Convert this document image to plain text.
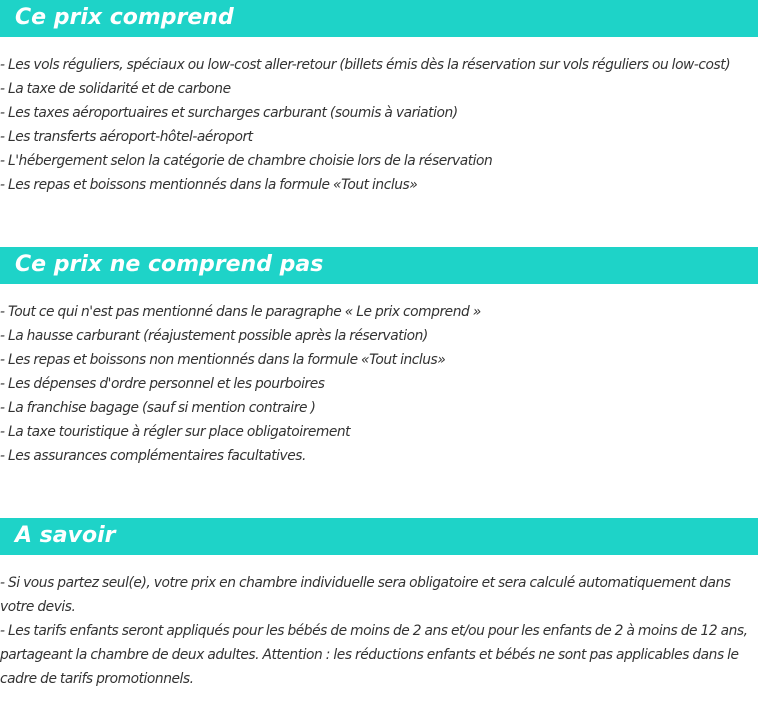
Ce prix comprend
- Les vols réguliers, spéciaux ou low-cost aller-retour (billets émis dès la réservation sur vols réguliers ou low-cost)
- La taxe de solidarité et de carbone
- Les taxes aéroportuaires et surcharges carburant (soumis à variation)
- Les transferts aéroport-hôtel-aéroport
- L'hébergement selon la catégorie de chambre choisie lors de la réservation
- Les repas et boissons mentionnés dans la formule «Tout inclus»
Ce prix ne comprend pas
- Tout ce qui n'est pas mentionné dans le paragraphe « Le prix comprend »
- La hausse carburant (réajustement possible après la réservation)
- Les repas et boissons non mentionnés dans la formule «Tout inclus»
- Les dépenses d'ordre personnel et les pourboires
- La franchise bagage (sauf si mention contraire )
- La taxe touristique à régler sur place obligatoirement
- Les assurances complémentaires facultatives.
A savoir

- Si vous partez seul(e), votre prix en chambre individuelle sera obligatoire et sera calculé automatiquement dans votre devis.

- Les tarifs enfants seront appliqués pour les bébés de moins de 2 ans et/ou pour les enfants de 2 à moins de 12 ans, partageant la chambre de deux adultes. Attention : les réductions enfants et bébés ne sont pas applicables dans le cadre de tarifs promotionnels.
